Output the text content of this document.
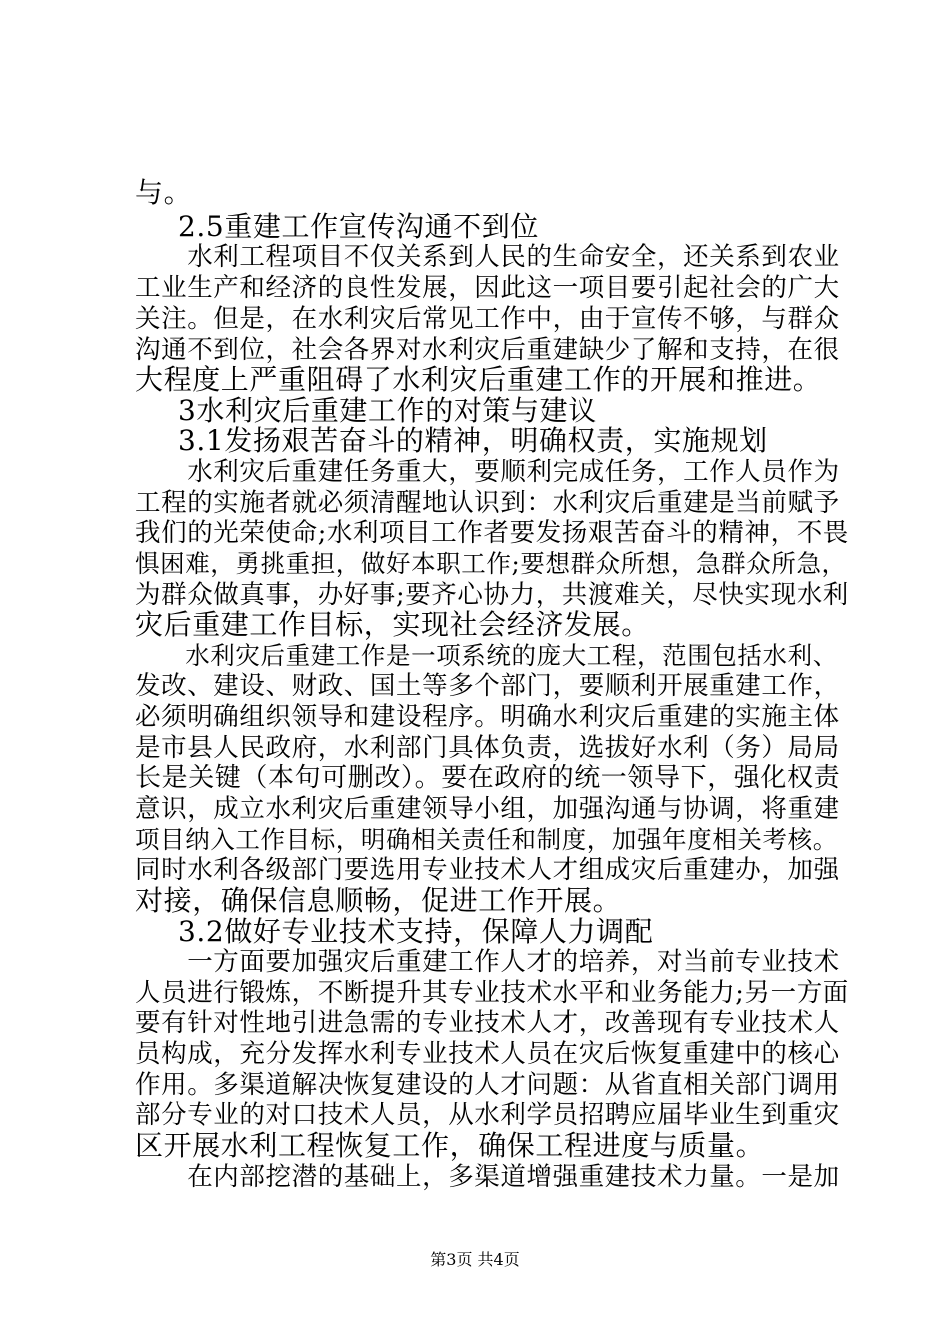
与。
2.5重建工作宣传沟通不到位
　　水利工程项目不仅关系到人民的生命安全，还关系到农业
工业生产和经济的良性发展，因此这一项目要引起社会的广大
关注。但是，在水利灾后常见工作中，由于宣传不够，与群众
沟通不到位，社会各界对水利灾后重建缺少了解和支持，在很
大程度上严重阻碍了水利灾后重建工作的开展和推进。
3水利灾后重建工作的对策与建议
3.1发扬艰苦奋斗的精神，明确权责，实施规划
　　水利灾后重建任务重大，要顺利完成任务，工作人员作为
工程的实施者就必须清醒地认识到：水利灾后重建是当前赋予
我们的光荣使命;水利项目工作者要发扬艰苦奋斗的精神，不畏
惧困难，勇挑重担，做好本职工作;要想群众所想，急群众所急，
为群众做真事，办好事;要齐心协力，共渡难关，尽快实现水利
灾后重建工作目标，实现社会经济发展。
　　水利灾后重建工作是一项系统的庞大工程，范围包括水利、
发改、建设、财政、国土等多个部门，要顺利开展重建工作，
必须明确组织领导和建设程序。明确水利灾后重建的实施主体
是市县人民政府，水利部门具体负责，选拔好水利（务）局局
长是关键（本句可删改）。要在政府的统一领导下，强化权责
意识，成立水利灾后重建领导小组，加强沟通与协调，将重建
项目纳入工作目标，明确相关责任和制度，加强年度相关考核。
同时水利各级部门要选用专业技术人才组成灾后重建办，加强
对接，确保信息顺畅，促进工作开展。
3.2做好专业技术支持，保障人力调配
　　一方面要加强灾后重建工作人才的培养，对当前专业技术
人员进行锻炼，不断提升其专业技术水平和业务能力;另一方面
要有针对性地引进急需的专业技术人才，改善现有专业技术人
员构成，充分发挥水利专业技术人员在灾后恢复重建中的核心
作用。多渠道解决恢复建设的人才问题：从省直相关部门调用
部分专业的对口技术人员，从水利学员招聘应届毕业生到重灾
区开展水利工程恢复工作，确保工程进度与质量。
　　在内部挖潜的基础上，多渠道增强重建技术力量。一是加
第3页 共4页
